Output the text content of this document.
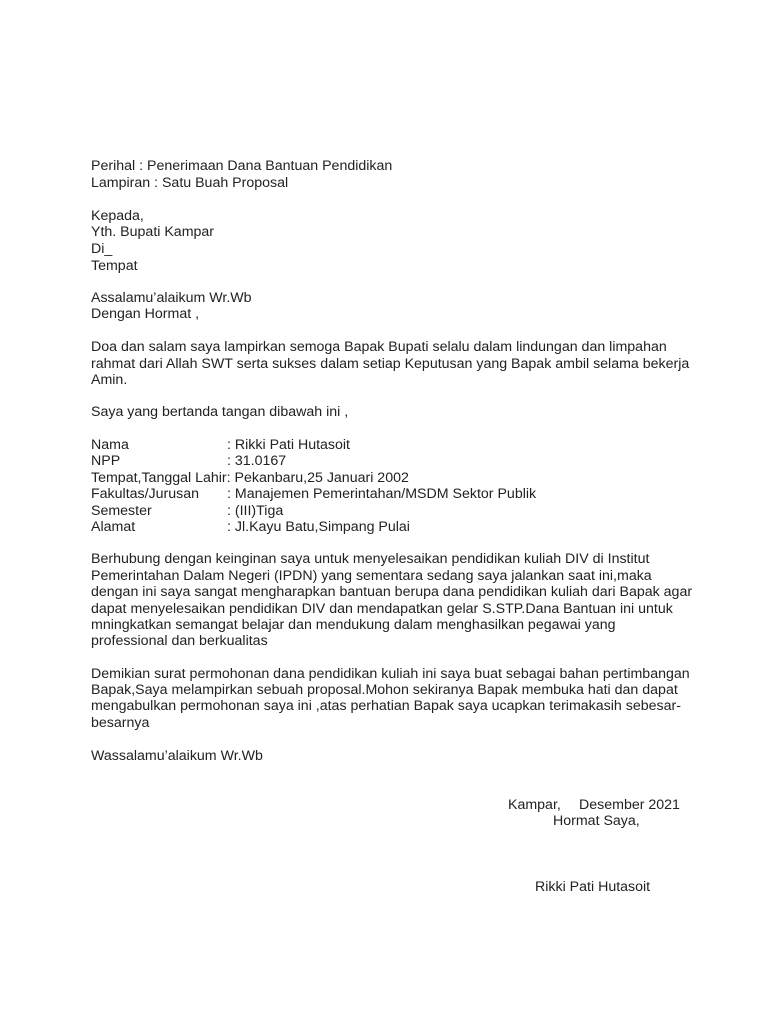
Perihal : Penerimaan Dana Bantuan Pendidikan

Lampiran : Satu Buah Proposal

Kepada,

Yth. Bupati Kampar

Di_

Tempat

Assalamu’alaikum Wr.Wb

Dengan Hormat ,

Doa dan salam saya lampirkan semoga Bapak Bupati selalu dalam lindungan dan limpahan

rahmat dari Allah SWT serta sukses dalam setiap Keputusan yang Bapak ambil selama bekerja

Amin.

Saya yang bertanda tangan dibawah ini ,

Nama	: Rikki Pati Hutasoit

NPP	: 31.0167

Tempat,Tanggal Lahir: Pekanbaru,25 Januari 2002

Fakultas/Jurusan : Manajemen Pemerintahan/MSDM Sektor Publik

Semester	: (III)Tiga

Alamat	: Jl.Kayu Batu,Simpang Pulai

Berhubung dengan keinginan saya untuk menyelesaikan pendidikan kuliah DIV di Institut

Pemerintahan Dalam Negeri (IPDN) yang sementara sedang saya jalankan saat ini,maka

dengan ini saya sangat mengharapkan bantuan berupa dana pendidikan kuliah dari Bapak agar

dapat menyelesaikan pendidikan DIV dan mendapatkan gelar S.STP.Dana Bantuan ini untuk

mningkatkan semangat belajar dan mendukung dalam menghasilkan pegawai yang

professional dan berkualitas

Demikian surat permohonan dana pendidikan kuliah ini saya buat sebagai bahan pertimbangan

Bapak,Saya melampirkan sebuah proposal.Mohon sekiranya Bapak membuka hati dan dapat

mengabulkan permohonan saya ini ,atas perhatian Bapak saya ucapkan terimakasih sebesar-

besarnya

Wassalamu’alaikum Wr.Wb

Kampar, Desember 2021

Hormat Saya,

Rikki Pati Hutasoit
